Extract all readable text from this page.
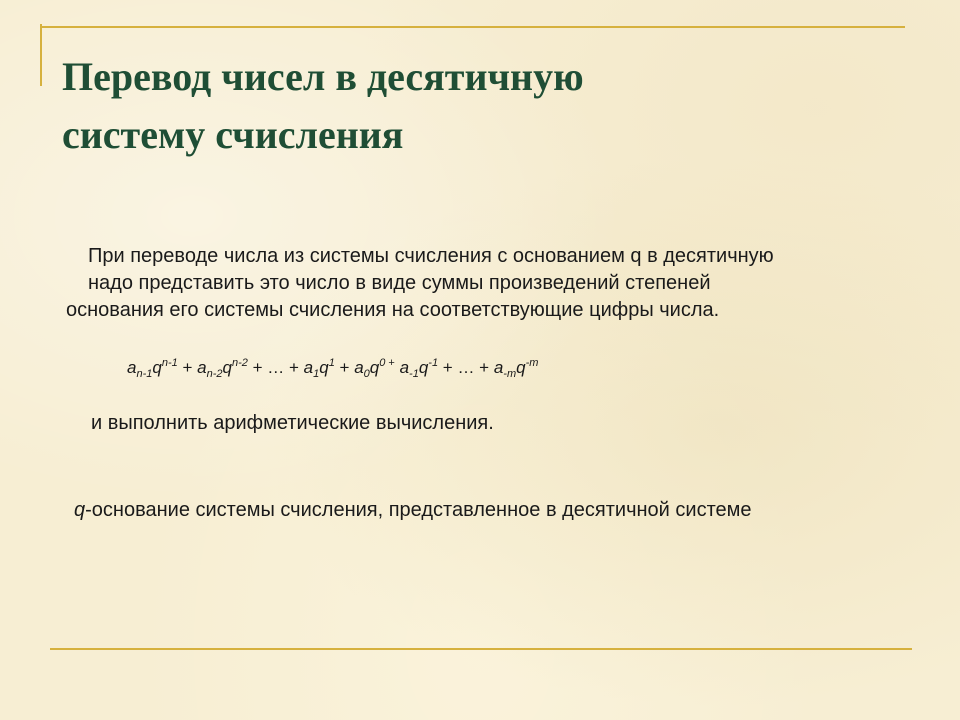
Перевод чисел в десятичную
систему счисления
При переводе числа из системы счисления с основанием q в десятичную
надо представить это число в виде суммы произведений степеней
основания его системы счисления на соответствующие цифры числа.
$a_{n-1}q^{n-1} + a_{n-2}q^{n-2}$ + … + $a_1q^1 + a_0q^0$ + $a_{-1}q^{-1}$ + … + $a_{-m}q^{-m}$
и выполнить арифметические вычисления.
q-основание системы счисления, представленное в десятичной системе
